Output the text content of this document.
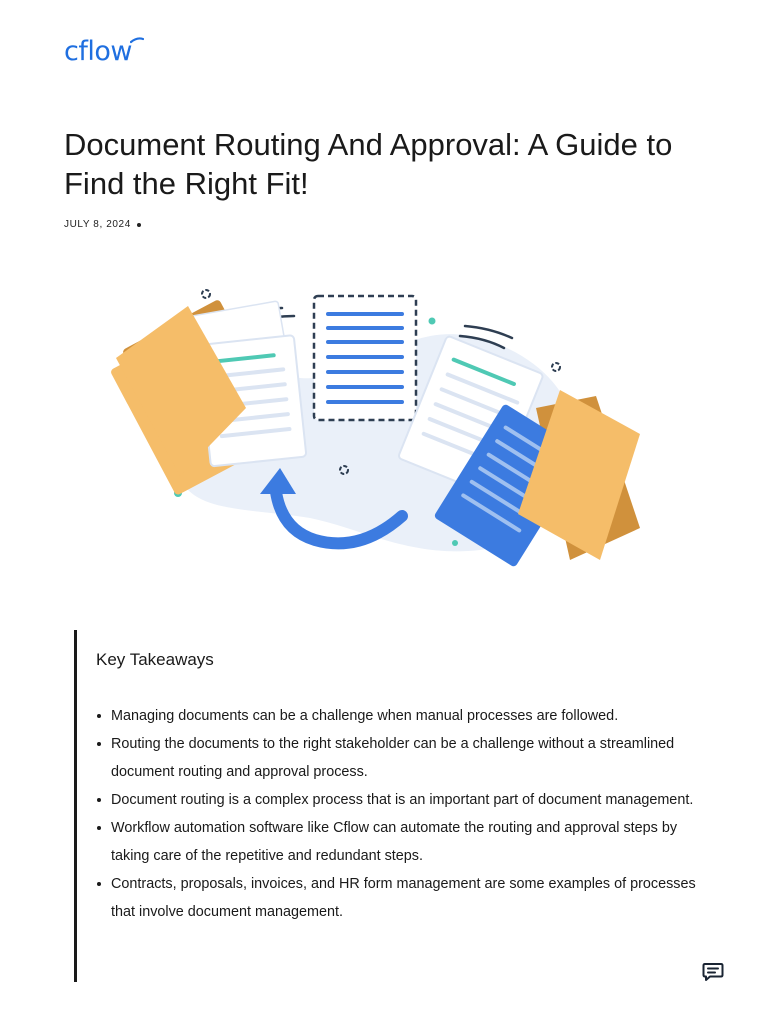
cflow
Document Routing And Approval: A Guide to Find the Right Fit!
JULY 8, 2024
Key Takeaways
Managing documents can be a challenge when manual processes are followed.
Routing the documents to the right stakeholder can be a challenge without a streamlined document routing and approval process.
Document routing is a complex process that is an important part of document management.
Workflow automation software like Cflow can automate the routing and approval steps by taking care of the repetitive and redundant steps.
Contracts, proposals, invoices, and HR form management are some examples of processes that involve document management.
